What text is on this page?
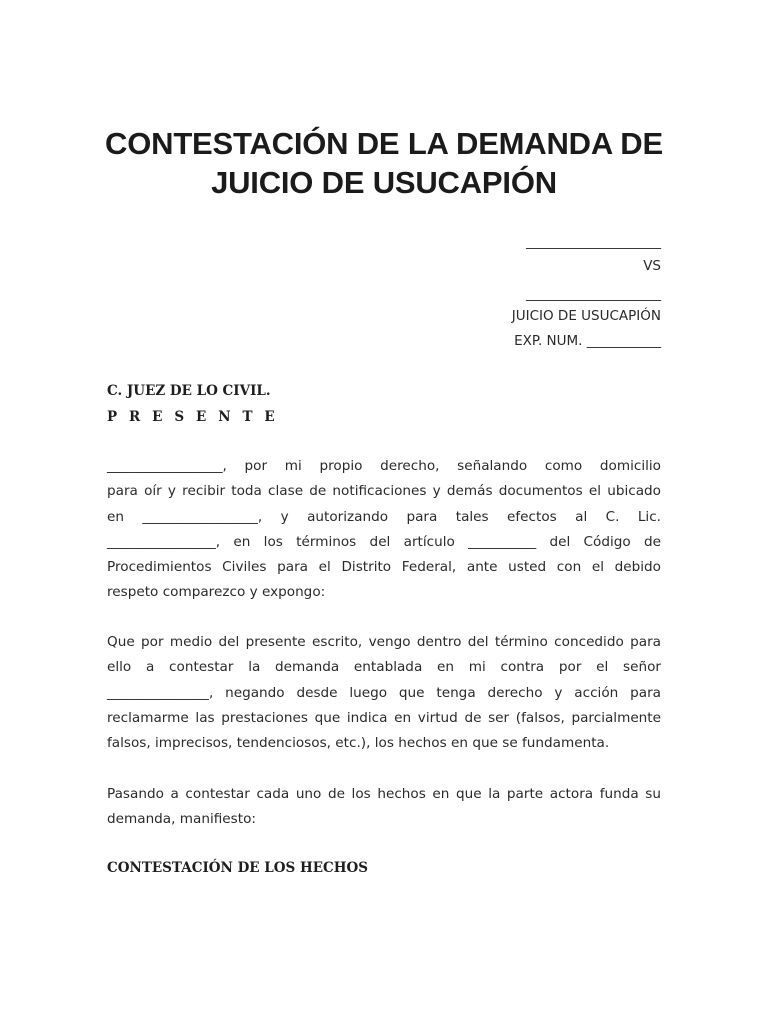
CONTESTACIÓN DE LA DEMANDA DE
JUICIO DE USUCAPIÓN
____________________
VS
____________________
JUICIO DE USUCAPIÓN
EXP. NUM. ___________
C. JUEZ DE LO CIVIL.
P R E S E N T E
_________________, por mi propio derecho, señalando como domicilio
para oír y recibir toda clase de notificaciones y demás documentos el ubicado
en _________________, y autorizando para tales efectos al C. Lic.
________________, en los términos del artículo __________ del Código de
Procedimientos Civiles para el Distrito Federal, ante usted con el debido
respeto comparezco y expongo:
Que por medio del presente escrito, vengo dentro del término concedido para
ello a contestar la demanda entablada en mi contra por el señor
_______________, negando desde luego que tenga derecho y acción para
reclamarme las prestaciones que indica en virtud de ser (falsos, parcialmente
falsos, imprecisos, tendenciosos, etc.), los hechos en que se fundamenta.
Pasando a contestar cada uno de los hechos en que la parte actora funda su
demanda, manifiesto:
CONTESTACIÓN DE LOS HECHOS
